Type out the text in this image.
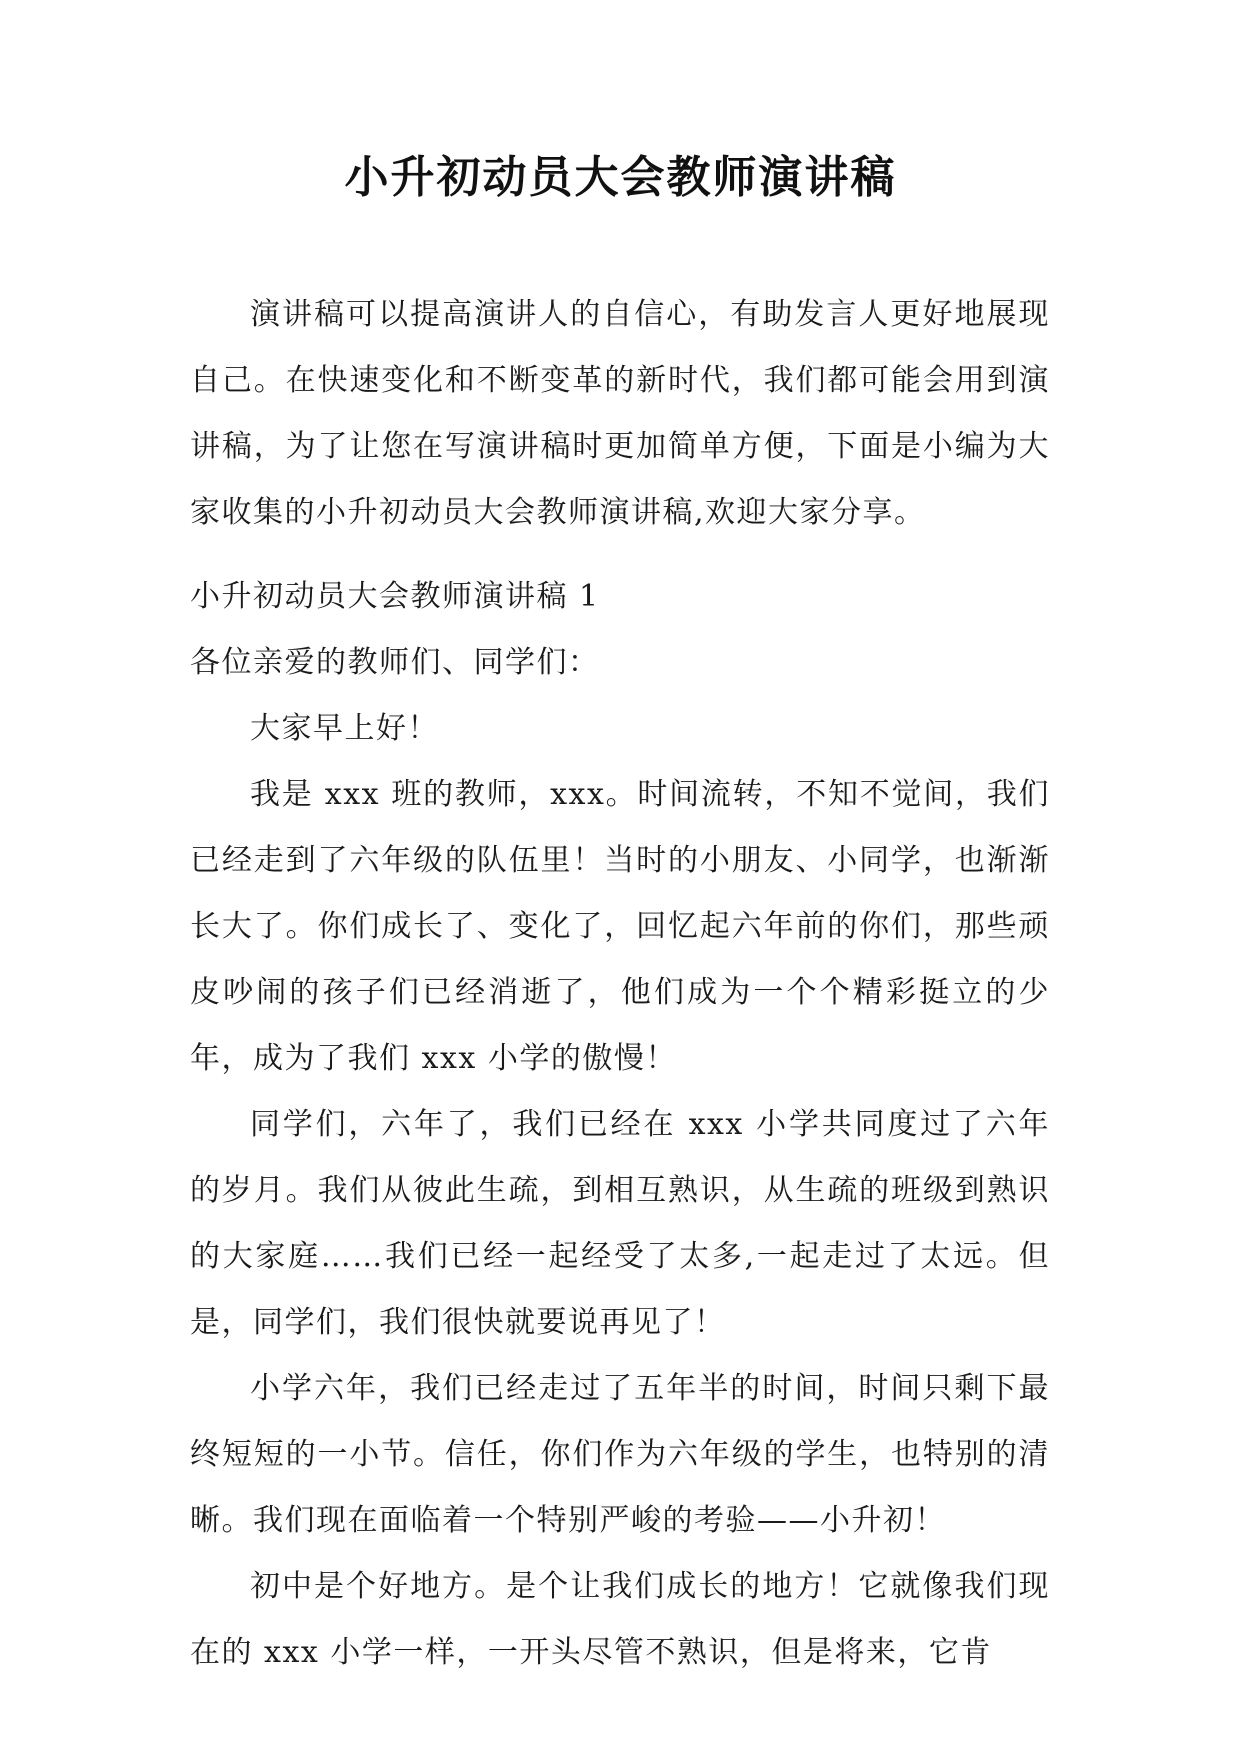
小升初动员大会教师演讲稿

演讲稿可以提高演讲人的自信心，有助发言人更好地展现自己。在快速变化和不断变革的新时代，我们都可能会用到演讲稿，为了让您在写演讲稿时更加简单方便，下面是小编为大家收集的小升初动员大会教师演讲稿,欢迎大家分享。

小升初动员大会教师演讲稿 1

各位亲爱的教师们、同学们：

大家早上好！

我是 xxx 班的教师，xxx。时间流转，不知不觉间，我们已经走到了六年级的队伍里！当时的小朋友、小同学，也渐渐长大了。你们成长了、变化了，回忆起六年前的你们，那些顽皮吵闹的孩子们已经消逝了，他们成为一个个精彩挺立的少年，成为了我们 xxx 小学的傲慢！

同学们，六年了，我们已经在 xxx 小学共同度过了六年的岁月。我们从彼此生疏，到相互熟识，从生疏的班级到熟识的大家庭……我们已经一起经受了太多,一起走过了太远。但是，同学们，我们很快就要说再见了！

小学六年，我们已经走过了五年半的时间，时间只剩下最终短短的一小节。信任，你们作为六年级的学生，也特别的清晰。我们现在面临着一个特别严峻的考验——小升初！

初中是个好地方。是个让我们成长的地方！它就像我们现在的 xxx 小学一样，一开头尽管不熟识，但是将来，它肯
